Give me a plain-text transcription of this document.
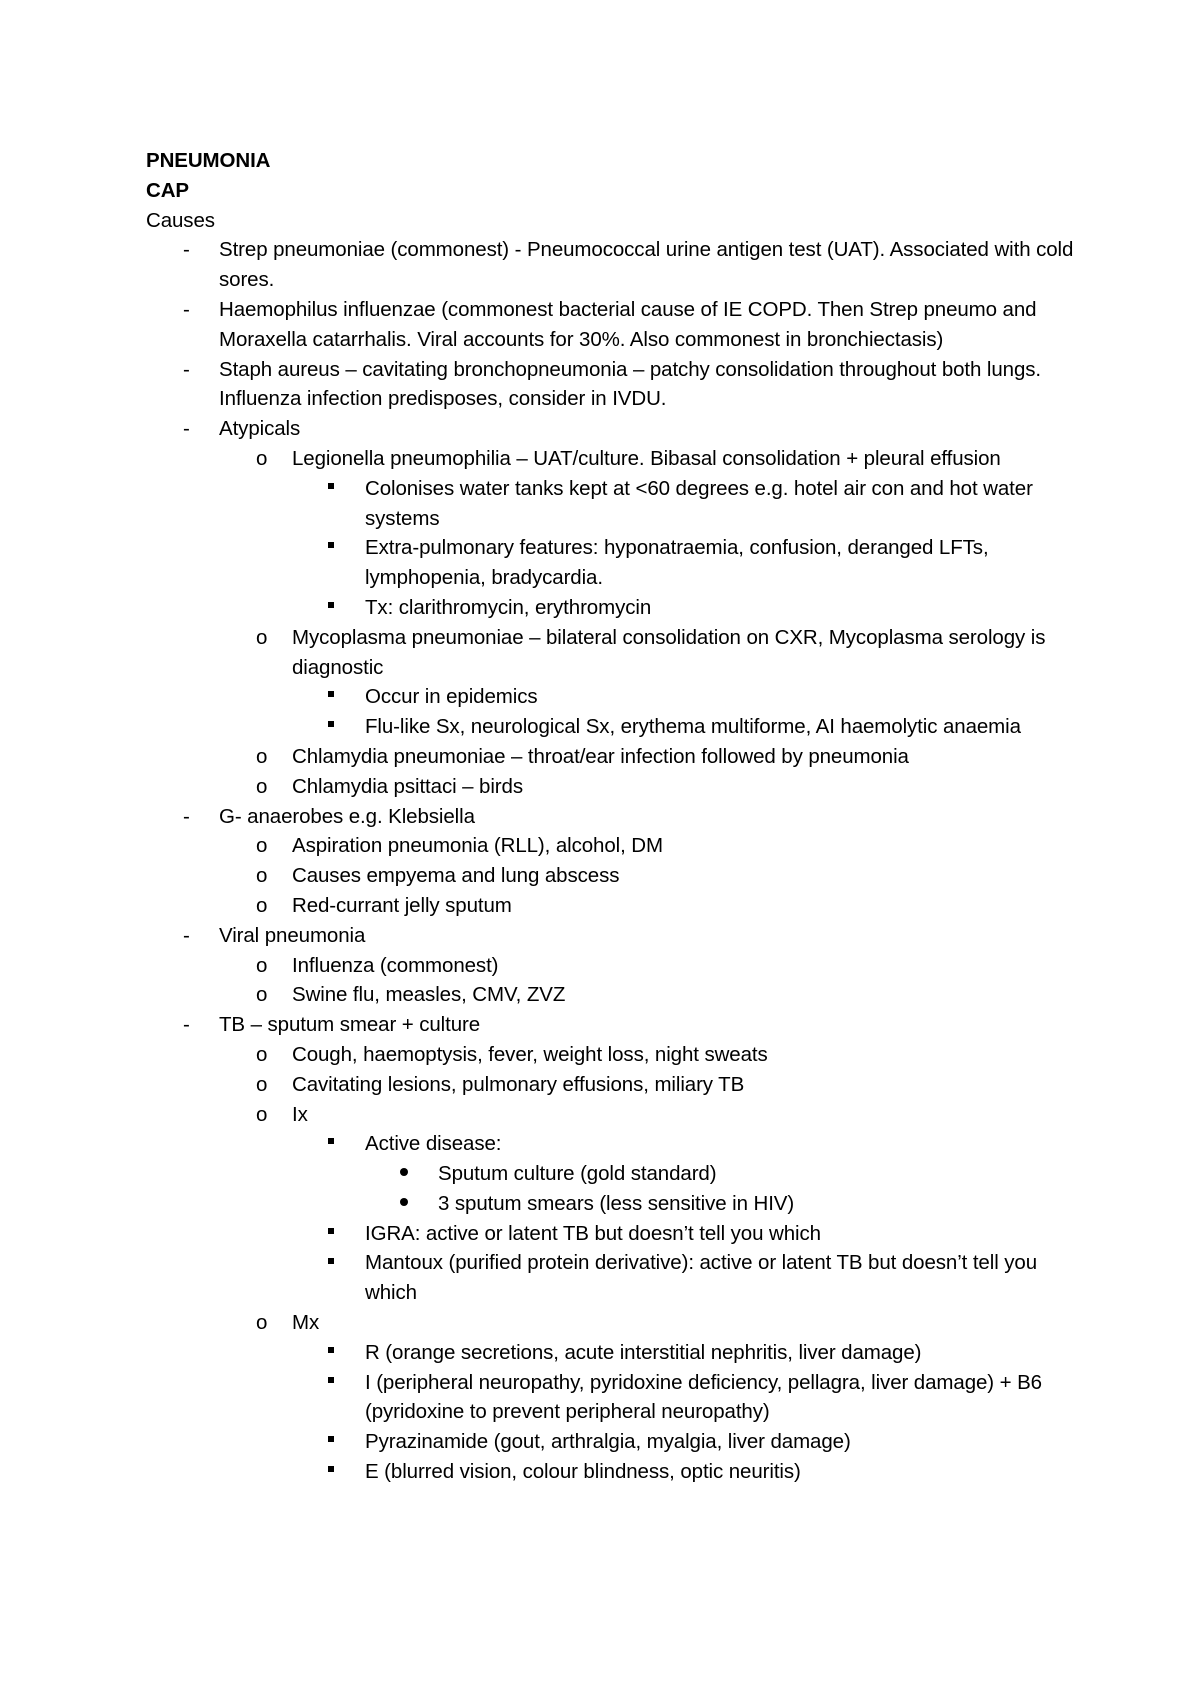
PNEUMONIA
CAP
Causes
-	Strep pneumoniae (commonest) - Pneumococcal urine antigen test (UAT). Associated with cold sores.
-	Haemophilus influenzae (commonest bacterial cause of IE COPD. Then Strep pneumo and Moraxella catarrhalis. Viral accounts for 30%. Also commonest in bronchiectasis)
-	Staph aureus – cavitating bronchopneumonia – patchy consolidation throughout both lungs. Influenza infection predisposes, consider in IVDU.
-	Atypicals
o	Legionella pneumophilia – UAT/culture. Bibasal consolidation + pleural effusion
Colonises water tanks kept at <60 degrees e.g. hotel air con and hot water systems
Extra-pulmonary features: hyponatraemia, confusion, deranged LFTs, lymphopenia, bradycardia.
Tx: clarithromycin, erythromycin
o	Mycoplasma pneumoniae – bilateral consolidation on CXR, Mycoplasma serology is diagnostic
Occur in epidemics
Flu-like Sx, neurological Sx, erythema multiforme, AI haemolytic anaemia
o	Chlamydia pneumoniae – throat/ear infection followed by pneumonia
o	Chlamydia psittaci – birds
-	G- anaerobes e.g. Klebsiella
o	Aspiration pneumonia (RLL), alcohol, DM
o	Causes empyema and lung abscess
o	Red-currant jelly sputum
-	Viral pneumonia
o	Influenza (commonest)
o	Swine flu, measles, CMV, ZVZ
-	TB – sputum smear + culture
o	Cough, haemoptysis, fever, weight loss, night sweats
o	Cavitating lesions, pulmonary effusions, miliary TB
o	Ix
Active disease:
Sputum culture (gold standard)
3 sputum smears (less sensitive in HIV)
IGRA: active or latent TB but doesn’t tell you which
Mantoux (purified protein derivative): active or latent TB but doesn’t tell you which
o	Mx
R (orange secretions, acute interstitial nephritis, liver damage)
I (peripheral neuropathy, pyridoxine deficiency, pellagra, liver damage) + B6 (pyridoxine to prevent peripheral neuropathy)
Pyrazinamide (gout, arthralgia, myalgia, liver damage)
E (blurred vision, colour blindness, optic neuritis)
